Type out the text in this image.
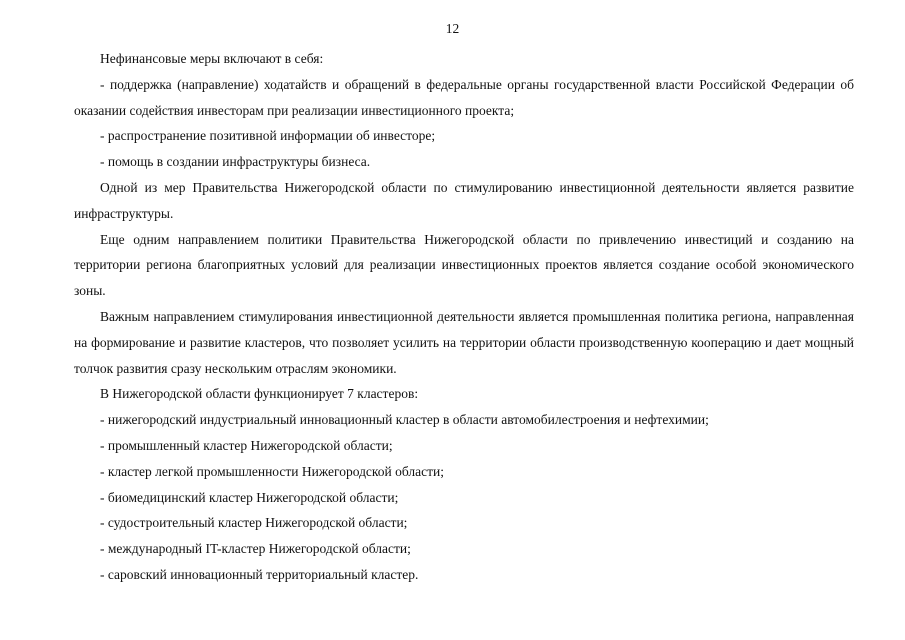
12

Нефинансовые меры включают в себя:

- поддержка (направление) ходатайств и обращений в федеральные органы государственной власти Российской Федерации об оказании содействия инвесторам при реализации инвестиционного проекта;

- распространение позитивной информации об инвесторе;

- помощь в создании инфраструктуры бизнеса.

Одной из мер Правительства Нижегородской области по стимулированию инвестиционной деятельности является развитие инфраструктуры.

Еще одним направлением политики Правительства Нижегородской области по привлечению инвестиций и созданию на территории региона благоприятных условий для реализации инвестиционных проектов является создание особой экономического зоны.

Важным направлением стимулирования инвестиционной деятельности является промышленная политика региона, направленная на формирование и развитие кластеров, что позволяет усилить на территории области производственную кооперацию и дает мощный толчок развития сразу нескольким отраслям экономики.

В Нижегородской области функционирует 7 кластеров:

- нижегородский индустриальный инновационный кластер в области автомобилестроения и нефтехимии;

- промышленный кластер Нижегородской области;

- кластер легкой промышленности Нижегородской области;

- биомедицинский кластер Нижегородской области;

- судостроительный кластер Нижегородской области;

- международный IT-кластер Нижегородской области;

- саровский инновационный территориальный кластер.
